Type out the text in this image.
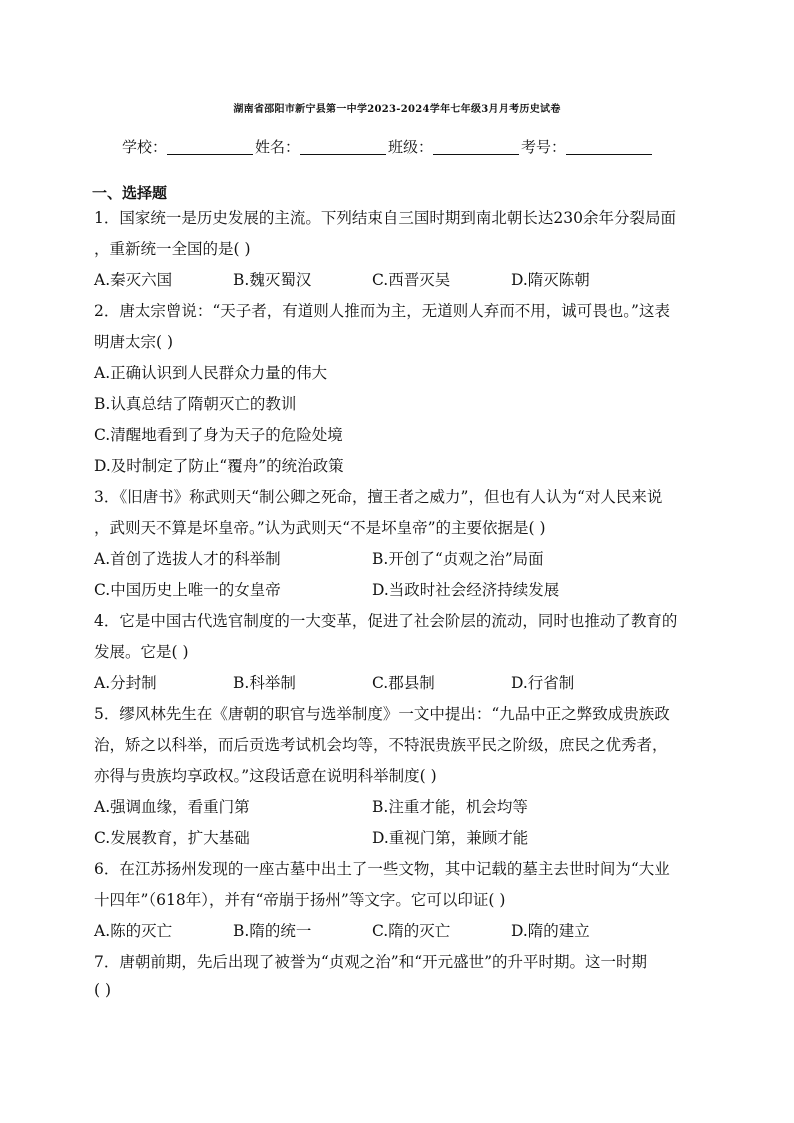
湖南省邵阳市新宁县第一中学2023-2024学年七年级3月月考历史试卷
学校：	姓名：	班级：	考号：
一、选择题
1．国家统一是历史发展的主流。下列结束自三国时期到南北朝长达230余年分裂局面
，重新统一全国的是( )
A.秦灭六国	B.魏灭蜀汉	C.西晋灭吴	D.隋灭陈朝
2．唐太宗曾说：“天子者，有道则人推而为主，无道则人弃而不用，诚可畏也。”这表
明唐太宗( )
A.正确认识到人民群众力量的伟大
B.认真总结了隋朝灭亡的教训
C.清醒地看到了身为天子的危险处境
D.及时制定了防止“覆舟”的统治政策
3．《旧唐书》称武则天“制公卿之死命，擅王者之威力”，但也有人认为“对人民来说
，武则天不算是坏皇帝。”认为武则天“不是坏皇帝”的主要依据是( )
A.首创了选拔人才的科举制	B.开创了“贞观之治”局面
C.中国历史上唯一的女皇帝	D.当政时社会经济持续发展
4．它是中国古代选官制度的一大变革，促进了社会阶层的流动，同时也推动了教育的
发展。它是( )
A.分封制	B.科举制	C.郡县制	D.行省制
5．缪风林先生在《唐朝的职官与选举制度》一文中提出：“九品中正之弊致成贵族政
治，矫之以科举，而后贡选考试机会均等，不特泯贵族平民之阶级，庶民之优秀者，
亦得与贵族均享政权。”这段话意在说明科举制度( )
A.强调血缘，看重门第	B.注重才能，机会均等
C.发展教育，扩大基础	D.重视门第，兼顾才能
6．在江苏扬州发现的一座古墓中出土了一些文物，其中记载的墓主去世时间为“大业
十四年”（618年），并有“帝崩于扬州”等文字。它可以印证( )
A.陈的灭亡	B.隋的统一	C.隋的灭亡	D.隋的建立
7．唐朝前期，先后出现了被誉为“贞观之治”和“开元盛世”的升平时期。这一时期
( )
